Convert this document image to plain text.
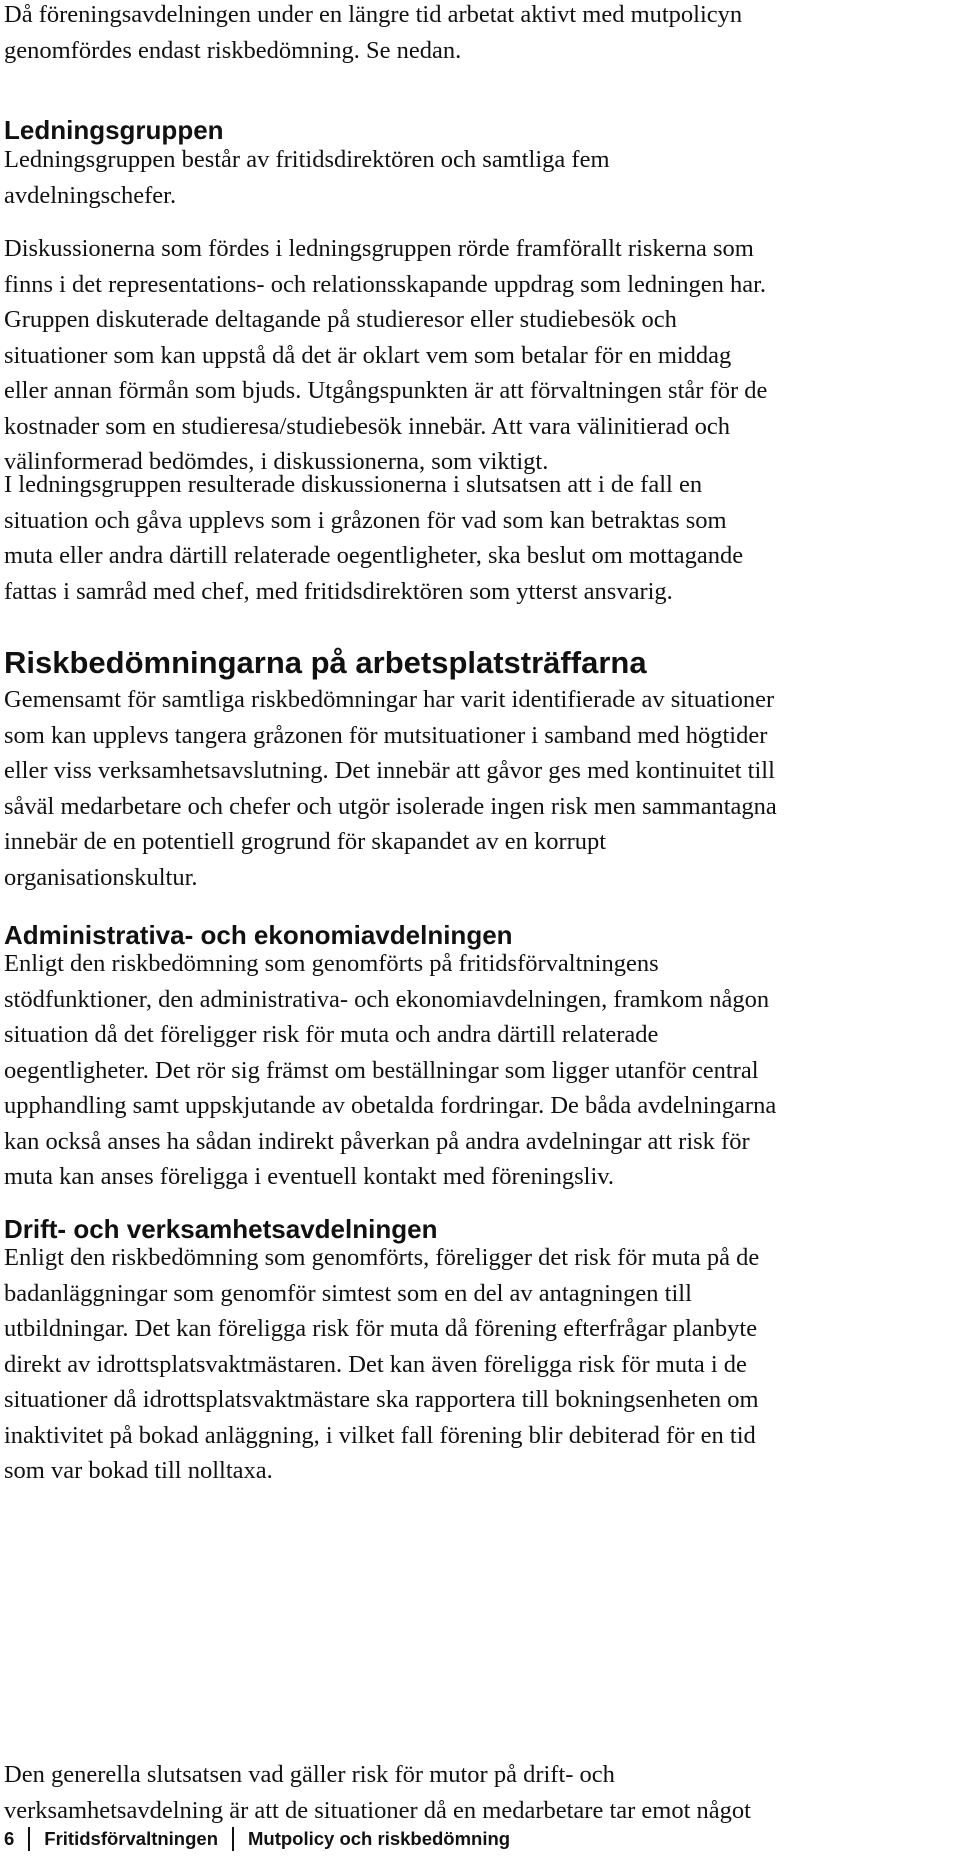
Då föreningsavdelningen under en längre tid arbetat aktivt med mutpolicyn
genomfördes endast riskbedömning. Se nedan.
Ledningsgruppen
Ledningsgruppen består av fritidsdirektören och samtliga fem
avdelningschefer.
Diskussionerna som fördes i ledningsgruppen rörde framförallt riskerna som
finns i det representations- och relationsskapande uppdrag som ledningen har.
Gruppen diskuterade deltagande på studieresor eller studiebesök och
situationer som kan uppstå då det är oklart vem som betalar för en middag
eller annan förmån som bjuds. Utgångspunkten är att förvaltningen står för de
kostnader som en studieresa/studiebesök innebär. Att vara välinitierad och
välinformerad bedömdes, i diskussionerna, som viktigt.
I ledningsgruppen resulterade diskussionerna i slutsatsen att i de fall en
situation och gåva upplevs som i gråzonen för vad som kan betraktas som
muta eller andra därtill relaterade oegentligheter, ska beslut om mottagande
fattas i samråd med chef, med fritidsdirektören som ytterst ansvarig.
Riskbedömningarna på arbetsplatsträffarna
Gemensamt för samtliga riskbedömningar har varit identifierade av situationer
som kan upplevs tangera gråzonen för mutsituationer i samband med högtider
eller viss verksamhetsavslutning. Det innebär att gåvor ges med kontinuitet till
såväl medarbetare och chefer och utgör isolerade ingen risk men sammantagna
innebär de en potentiell grogrund för skapandet av en korrupt
organisationskultur.
Administrativa- och ekonomiavdelningen
Enligt den riskbedömning som genomförts på fritidsförvaltningens
stödfunktioner, den administrativa- och ekonomiavdelningen, framkom någon
situation då det föreligger risk för muta och andra därtill relaterade
oegentligheter. Det rör sig främst om beställningar som ligger utanför central
upphandling samt uppskjutande av obetalda fordringar. De båda avdelningarna
kan också anses ha sådan indirekt påverkan på andra avdelningar att risk för
muta kan anses föreligga i eventuell kontakt med föreningsliv.
Drift- och verksamhetsavdelningen
Enligt den riskbedömning som genomförts, föreligger det risk för muta på de
badanläggningar som genomför simtest som en del av antagningen till
utbildningar. Det kan föreligga risk för muta då förening efterfrågar planbyte
direkt av idrottsplatsvaktmästaren. Det kan även föreligga risk för muta i de
situationer då idrottsplatsvaktmästare ska rapportera till bokningsenheten om
inaktivitet på bokad anläggning, i vilket fall förening blir debiterad för en tid
som var bokad till nolltaxa.
Den generella slutsatsen vad gäller risk för mutor på drift- och
verksamhetsavdelning är att de situationer då en medarbetare tar emot något
6 Fritidsförvaltningen Mutpolicy och riskbedömning
